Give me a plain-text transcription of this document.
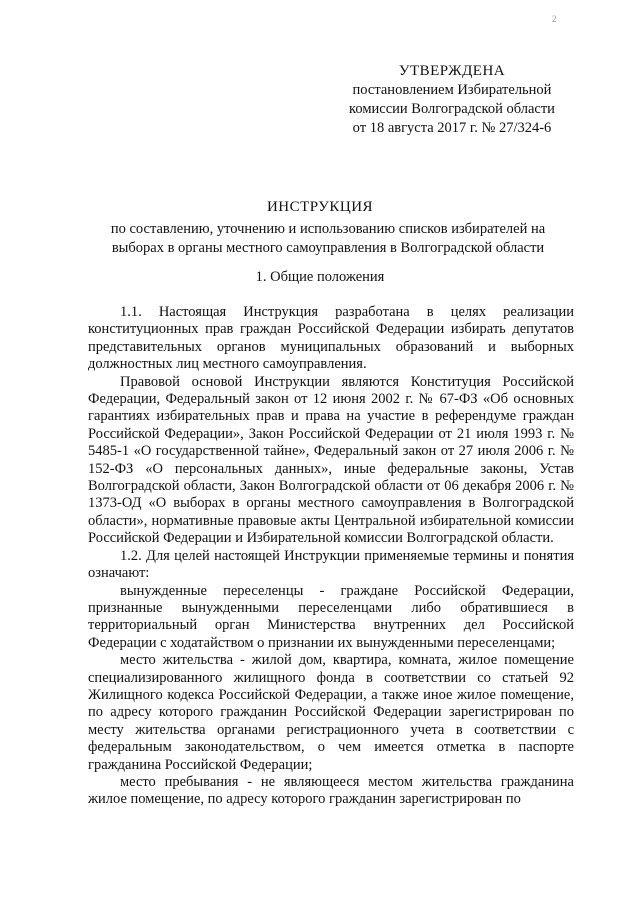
2
УТВЕРЖДЕНА
постановлением Избирательной
комиссии Волгоградской области
от 18 августа 2017 г. № 27/324-6
ИНСТРУКЦИЯ
по составлению, уточнению и использованию списков избирателей на выборах в органы местного самоуправления в Волгоградской области
1. Общие положения

1.1. Настоящая Инструкция разработана в целях реализации конституционных прав граждан Российской Федерации избирать депутатов представительных органов муниципальных образований и выборных должностных лиц местного самоуправления.

Правовой основой Инструкции являются Конституция Российской Федерации, Федеральный закон от 12 июня 2002 г. № 67-ФЗ «Об основных гарантиях избирательных прав и права на участие в референдуме граждан Российской Федерации», Закон Российской Федерации от 21 июля 1993 г. № 5485-1 «О государственной тайне», Федеральный закон от 27 июля 2006 г. № 152-ФЗ «О персональных данных», иные федеральные законы, Устав Волгоградской области, Закон Волгоградской области от 06 декабря 2006 г. № 1373-ОД «О выборах в органы местного самоуправления в Волгоградской области», нормативные правовые акты Центральной избирательной комиссии Российской Федерации и Избирательной комиссии Волгоградской области.

1.2. Для целей настоящей Инструкции применяемые термины и понятия означают:

вынужденные переселенцы - граждане Российской Федерации, признанные вынужденными переселенцами либо обратившиеся в территориальный орган Министерства внутренних дел Российской Федерации с ходатайством о признании их вынужденными переселенцами;

место жительства - жилой дом, квартира, комната, жилое помещение специализированного жилищного фонда в соответствии со статьей 92 Жилищного кодекса Российской Федерации, а также иное жилое помещение, по адресу которого гражданин Российской Федерации зарегистрирован по месту жительства органами регистрационного учета в соответствии с федеральным законодательством, о чем имеется отметка в паспорте гражданина Российской Федерации;

место пребывания - не являющееся местом жительства гражданина жилое помещение, по адресу которого гражданин зарегистрирован по
